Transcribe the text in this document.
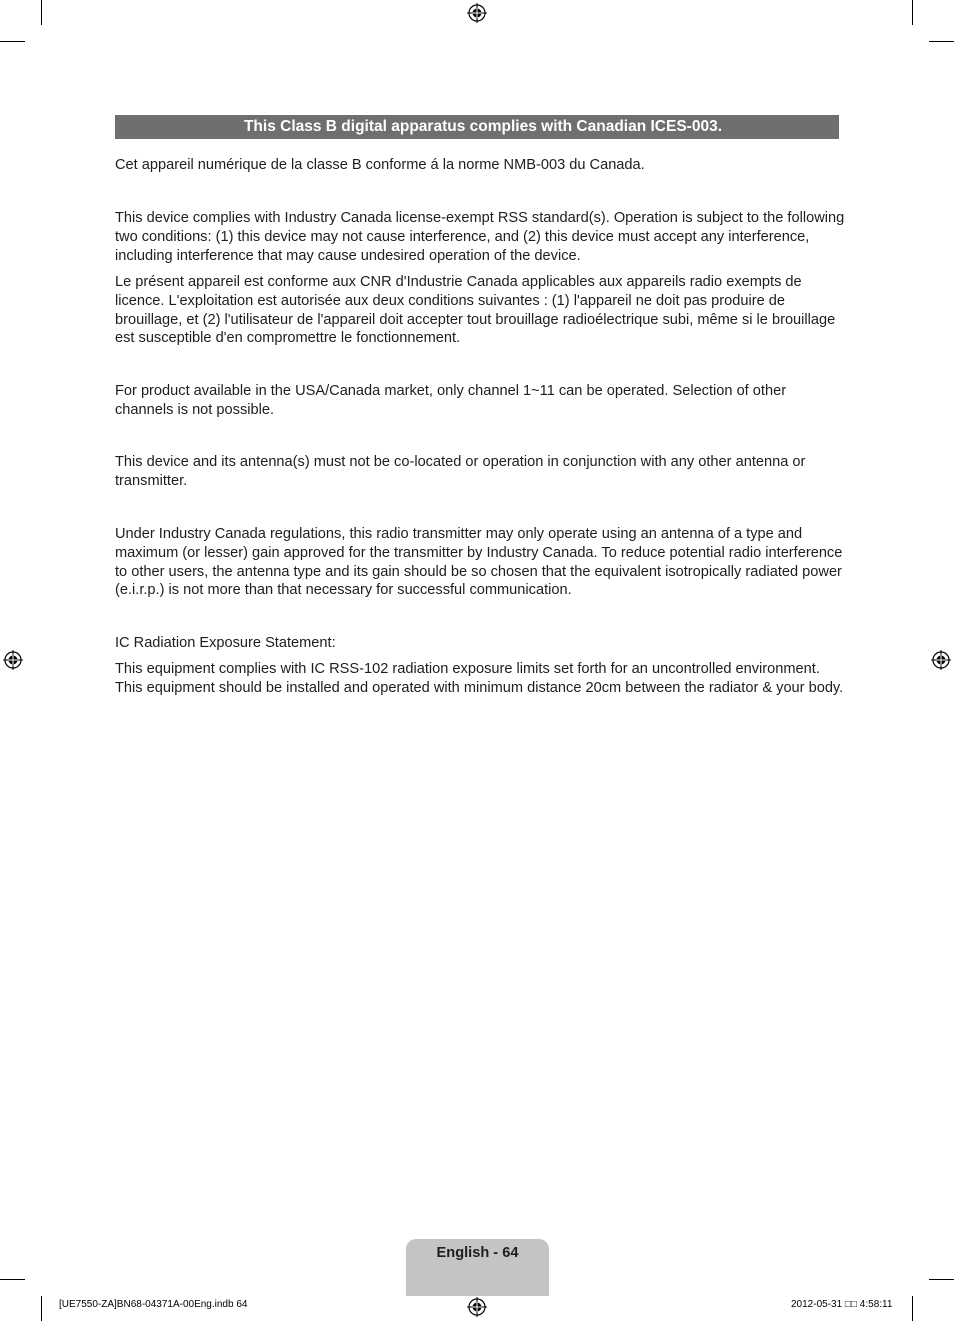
This Class B digital apparatus complies with Canadian ICES-003.

Cet appareil numérique de la classe B conforme á la norme NMB-003 du Canada.

This device complies with Industry Canada license-exempt RSS standard(s). Operation is subject to the following two conditions: (1) this device may not cause interference, and (2) this device must accept any interference, including interference that may cause undesired operation of the device.

Le présent appareil est conforme aux CNR d'Industrie Canada applicables aux appareils radio exempts de licence. L'exploitation est autorisée aux deux conditions suivantes : (1) l'appareil ne doit pas produire de brouillage, et (2) l'utilisateur de l'appareil doit accepter tout brouillage radioélectrique subi, même si le brouillage est susceptible d'en compromettre le fonctionnement.

For product available in the USA/Canada market, only channel 1~11 can be operated. Selection of other channels is not possible.

This device and its antenna(s) must not be co-located or operation in conjunction with any other antenna or transmitter.

Under Industry Canada regulations, this radio transmitter may only operate using an antenna of a type and maximum (or lesser) gain approved for the transmitter by Industry Canada. To reduce potential radio interference to other users, the antenna type and its gain should be so chosen that the equivalent isotropically radiated power (e.i.r.p.) is not more than that necessary for successful communication.

IC Radiation Exposure Statement:

This equipment complies with IC RSS-102 radiation exposure limits set forth for an uncontrolled environment. This equipment should be installed and operated with minimum distance 20cm between the radiator & your body.

English - 64
[UE7550-ZA]BN68-04371A-00Eng.indb 64	2012-05-31 □□ 4:58:11
